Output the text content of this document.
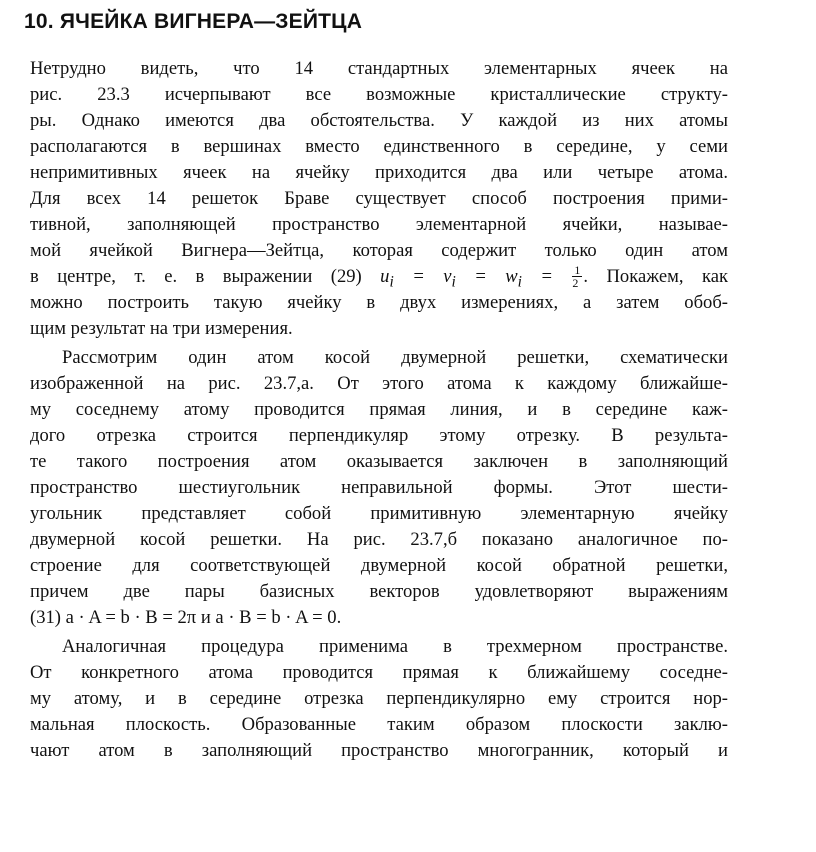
10. ЯЧЕЙКА ВИГНЕРА—ЗЕЙТЦА
Нетрудно видеть, что 14 стандартных элементарных ячеек на
рис. 23.3 исчерпывают все возможные кристаллические структу-
ры. Однако имеются два обстоятельства. У каждой из них атомы
располагаются в вершинах вместо единственного в середине, у семи
непримитивных ячеек на ячейку приходится два или четыре атома.
Для всех 14 решеток Браве существует способ построения прими-
тивной, заполняющей пространство элементарной ячейки, называе-
мой ячейкой Вигнера—Зейтца, которая содержит только один атом
в центре, т. е. в выражении (29) $u_i = v_i = w_i = \frac{1}{2}$ . Покажем, как
можно построить такую ячейку в двух измерениях, а затем обоб-
щим результат на три измерения.
Рассмотрим один атом косой двумерной решетки, схематически
изображенной на рис. 23.7,a. От этого атома к каждому ближайше-
му соседнему атому проводится прямая линия, и в середине каж-
дого отрезка строится перпендикуляр этому отрезку. В результа-
те такого построения атом оказывается заключен в заполняющий
пространство шестиугольник неправильной формы. Этот шести-
угольник представляет собой примитивную элементарную ячейку
двумерной косой решетки. На рис. 23.7,б показано аналогичное по-
строение для соответствующей двумерной косой обратной решетки,
причем две пары базисных векторов удовлетворяют выражениям
(31) a · A = b · B = 2π и a · B = b · A = 0.
Аналогичная процедура применима в трехмерном пространстве.
От конкретного атома проводится прямая к ближайшему соседне-
му атому, и в середине отрезка перпендикулярно ему строится нор-
мальная плоскость. Образованные таким образом плоскости заклю-
чают атом в заполняющий пространство многогранник, который и
